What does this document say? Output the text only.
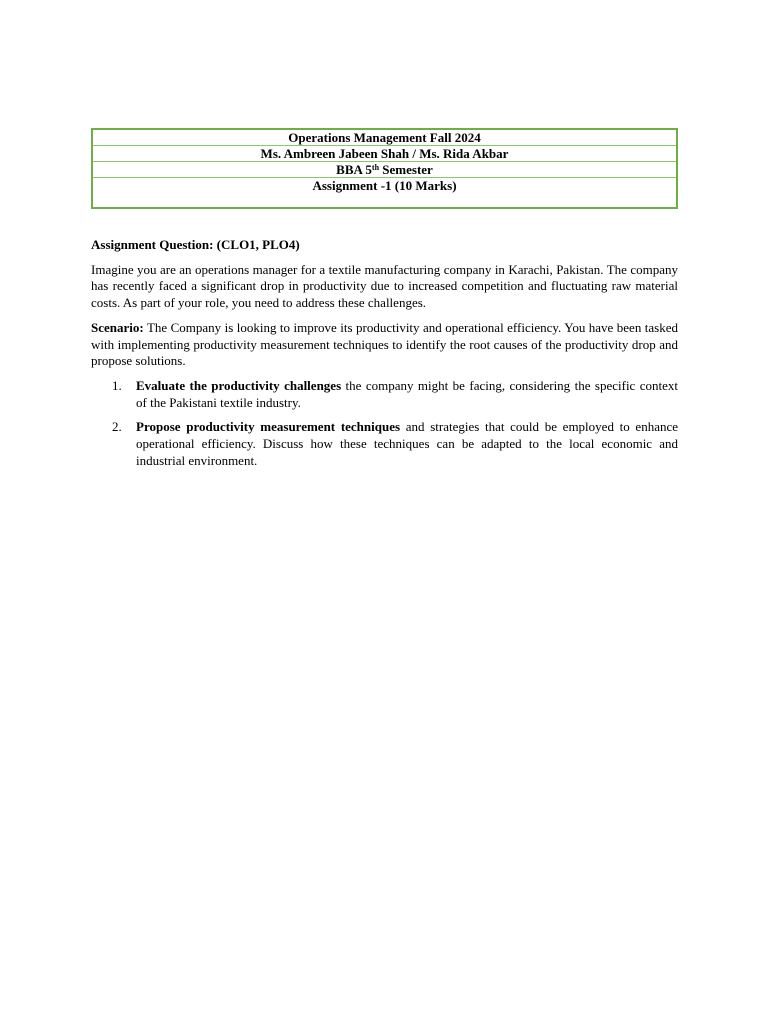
Operations Management Fall 2024
Ms. Ambreen Jabeen Shah / Ms. Rida Akbar
BBA 5th Semester
Assignment -1 (10 Marks)

Assignment Question: (CLO1, PLO4)

Imagine you are an operations manager for a textile manufacturing company in Karachi, Pakistan. The company has recently faced a significant drop in productivity due to increased competition and fluctuating raw material costs. As part of your role, you need to address these challenges.

Scenario: The Company is looking to improve its productivity and operational efficiency. You have been tasked with implementing productivity measurement techniques to identify the root causes of the productivity drop and propose solutions.

1. Evaluate the productivity challenges the company might be facing, considering the specific context of the Pakistani textile industry.
2. Propose productivity measurement techniques and strategies that could be employed to enhance operational efficiency. Discuss how these techniques can be adapted to the local economic and industrial environment.
